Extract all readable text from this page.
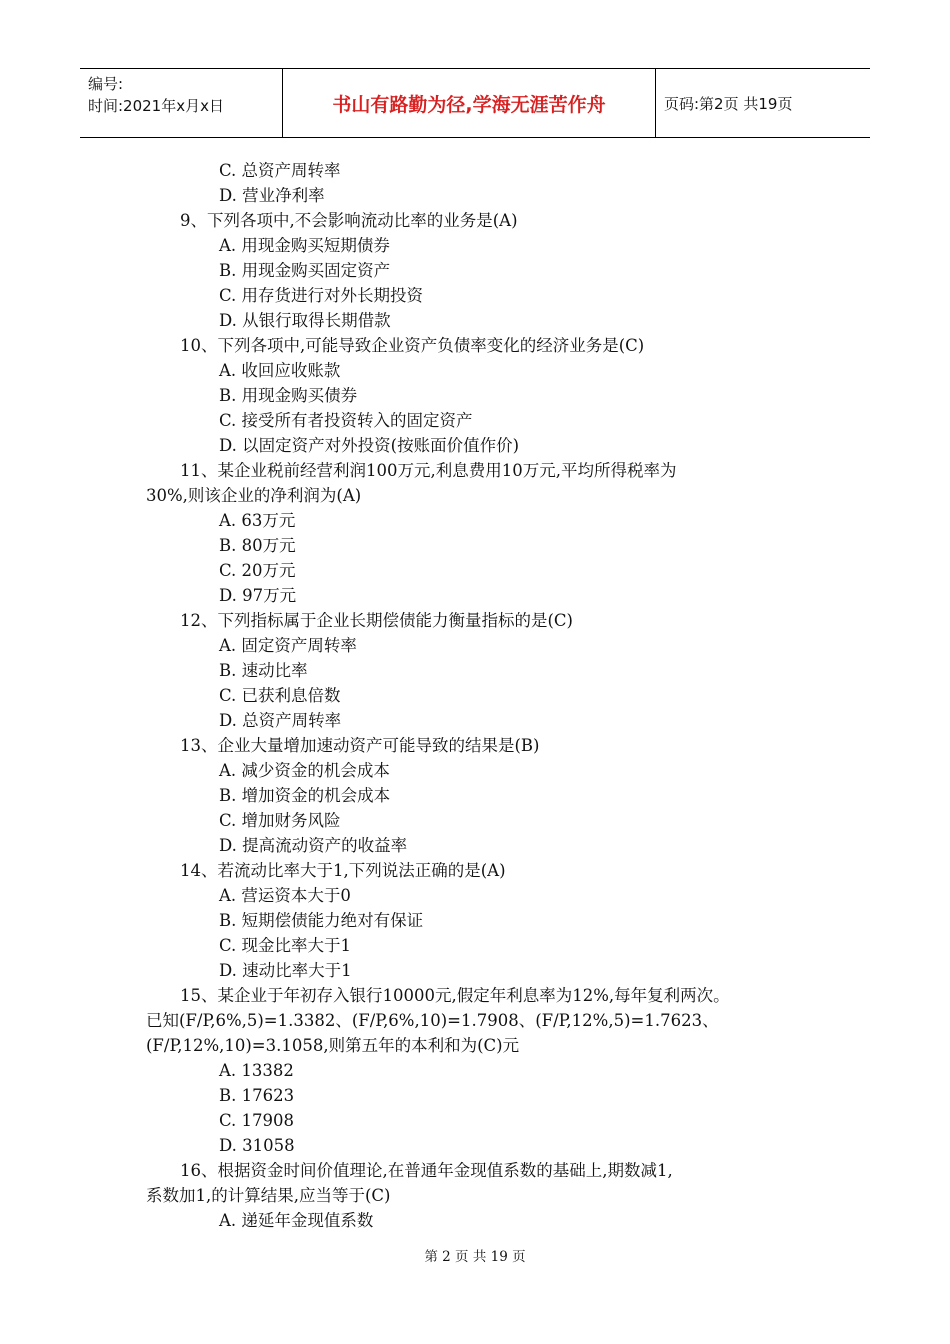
编号:
时间:2021年x月x日	书山有路勤为径,学海无涯苦作舟	页码:第2页 共19页
C. 总资产周转率
D. 营业净利率
9、下列各项中,不会影响流动比率的业务是(A)
A. 用现金购买短期债券
B. 用现金购买固定资产
C. 用存货进行对外长期投资
D. 从银行取得长期借款
10、下列各项中,可能导致企业资产负债率变化的经济业务是(C)
A. 收回应收账款
B. 用现金购买债券
C. 接受所有者投资转入的固定资产
D. 以固定资产对外投资(按账面价值作价)
11、某企业税前经营利润100万元,利息费用10万元,平均所得税率为
30%,则该企业的净利润为(A)
A. 63万元
B. 80万元
C. 20万元
D. 97万元
12、下列指标属于企业长期偿债能力衡量指标的是(C)
A. 固定资产周转率
B. 速动比率
C. 已获利息倍数
D. 总资产周转率
13、企业大量增加速动资产可能导致的结果是(B)
A. 减少资金的机会成本
B. 增加资金的机会成本
C. 增加财务风险
D. 提高流动资产的收益率
14、若流动比率大于1,下列说法正确的是(A)
A. 营运资本大于0
B. 短期偿债能力绝对有保证
C. 现金比率大于1
D. 速动比率大于1
15、某企业于年初存入银行10000元,假定年利息率为12%,每年复利两次。
已知(F/P,6%,5)=1.3382、(F/P,6%,10)=1.7908、(F/P,12%,5)=1.7623、
(F/P,12%,10)=3.1058,则第五年的本利和为(C)元
A. 13382
B. 17623
C. 17908
D. 31058
16、根据资金时间价值理论,在普通年金现值系数的基础上,期数减1,
系数加1,的计算结果,应当等于(C)
A. 递延年金现值系数
第 2 页 共 19 页
